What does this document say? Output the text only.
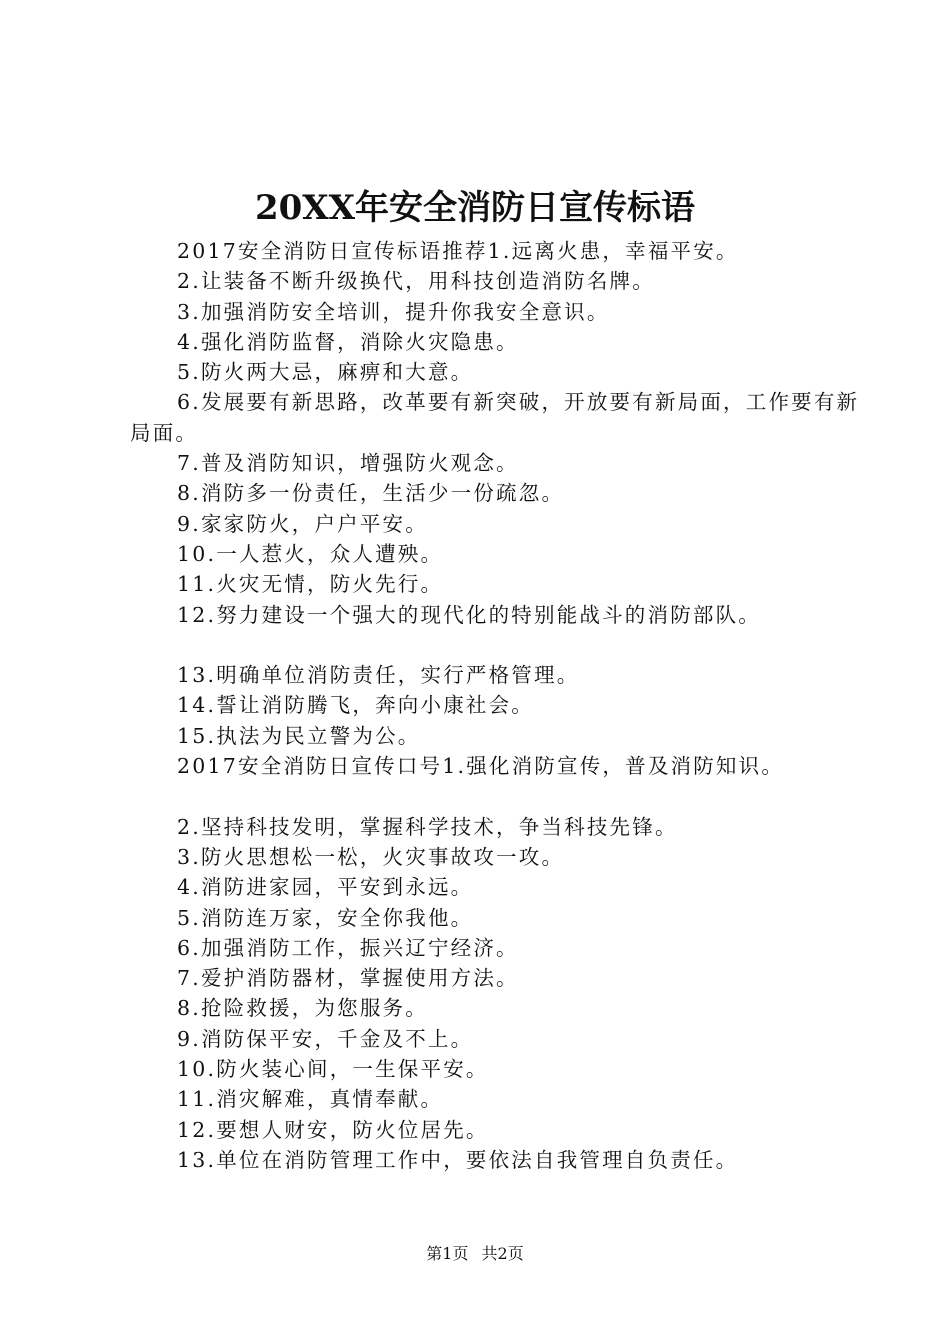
20XX年安全消防日宣传标语
2017安全消防日宣传标语推荐1.远离火患，幸福平安。
2.让装备不断升级换代，用科技创造消防名牌。
3.加强消防安全培训，提升你我安全意识。
4.强化消防监督，消除火灾隐患。
5.防火两大忌，麻痹和大意。
6.发展要有新思路，改革要有新突破，开放要有新局面，工作要有新局面。
7.普及消防知识，增强防火观念。
8.消防多一份责任，生活少一份疏忽。
9.家家防火，户户平安。
10.一人惹火，众人遭殃。
11.火灾无情，防火先行。
12.努力建设一个强大的现代化的特别能战斗的消防部队。
13.明确单位消防责任，实行严格管理。
14.誓让消防腾飞，奔向小康社会。
15.执法为民立警为公。
2017安全消防日宣传口号1.强化消防宣传，普及消防知识。
2.坚持科技发明，掌握科学技术，争当科技先锋。
3.防火思想松一松，火灾事故攻一攻。
4.消防进家园，平安到永远。
5.消防连万家，安全你我他。
6.加强消防工作，振兴辽宁经济。
7.爱护消防器材，掌握使用方法。
8.抢险救援，为您服务。
9.消防保平安，千金及不上。
10.防火装心间，一生保平安。
11.消灾解难，真情奉献。
12.要想人财安，防火位居先。
13.单位在消防管理工作中，要依法自我管理自负责任。
第1页 共2页
